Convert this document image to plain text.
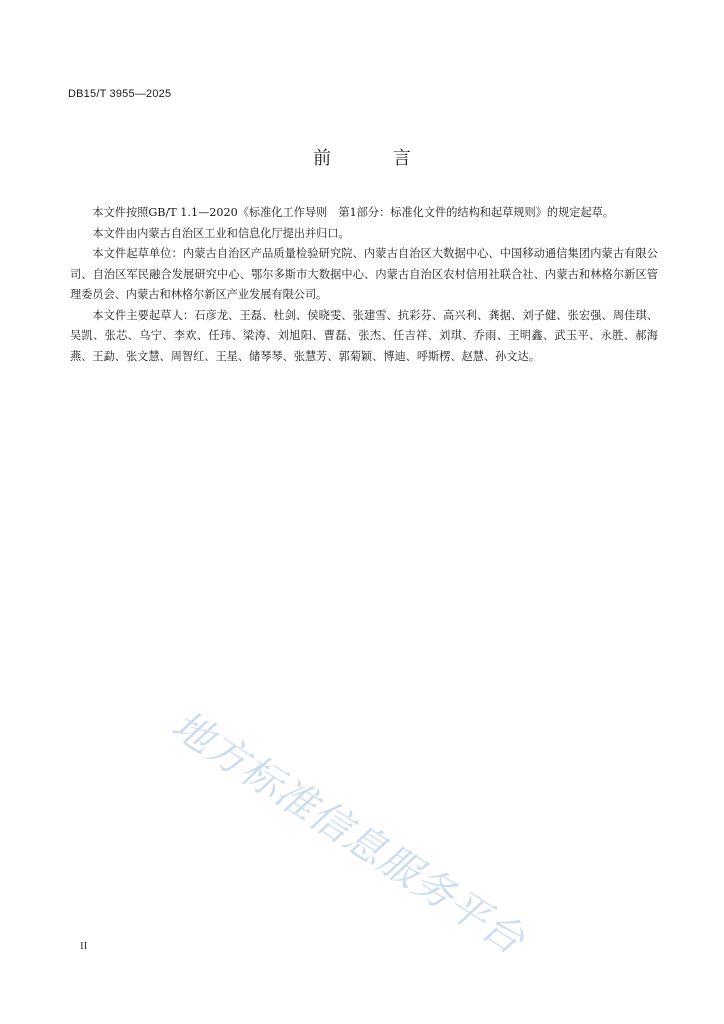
DB15/T 3955—2025
前 言

本文件按照GB/T 1.1—2020《标准化工作导则　第1部分：标准化文件的结构和起草规则》的规定起草。

本文件由内蒙古自治区工业和信息化厅提出并归口。

本文件起草单位：内蒙古自治区产品质量检验研究院、内蒙古自治区大数据中心、中国移动通信集团内蒙古有限公司、自治区军民融合发展研究中心、鄂尔多斯市大数据中心、内蒙古自治区农村信用社联合社、内蒙古和林格尔新区管理委员会、内蒙古和林格尔新区产业发展有限公司。

本文件主要起草人：石彦龙、王磊、杜剑、侯晓雯、张建雪、抗彩芬、高兴利、龚据、刘子健、张宏强、周佳琪、吴凯、张芯、乌宁、李欢、任玮、梁涛、刘旭阳、曹磊、张杰、任吉祥、刘琪、乔雨、王明鑫、武玉平、永胜、郝海燕、王勐、张文慧、周智红、王星、储琴琴、张慧芳、郭菊颖、博迪、呼斯楞、赵慧、孙文达。

地方标准信息服务平台
II
